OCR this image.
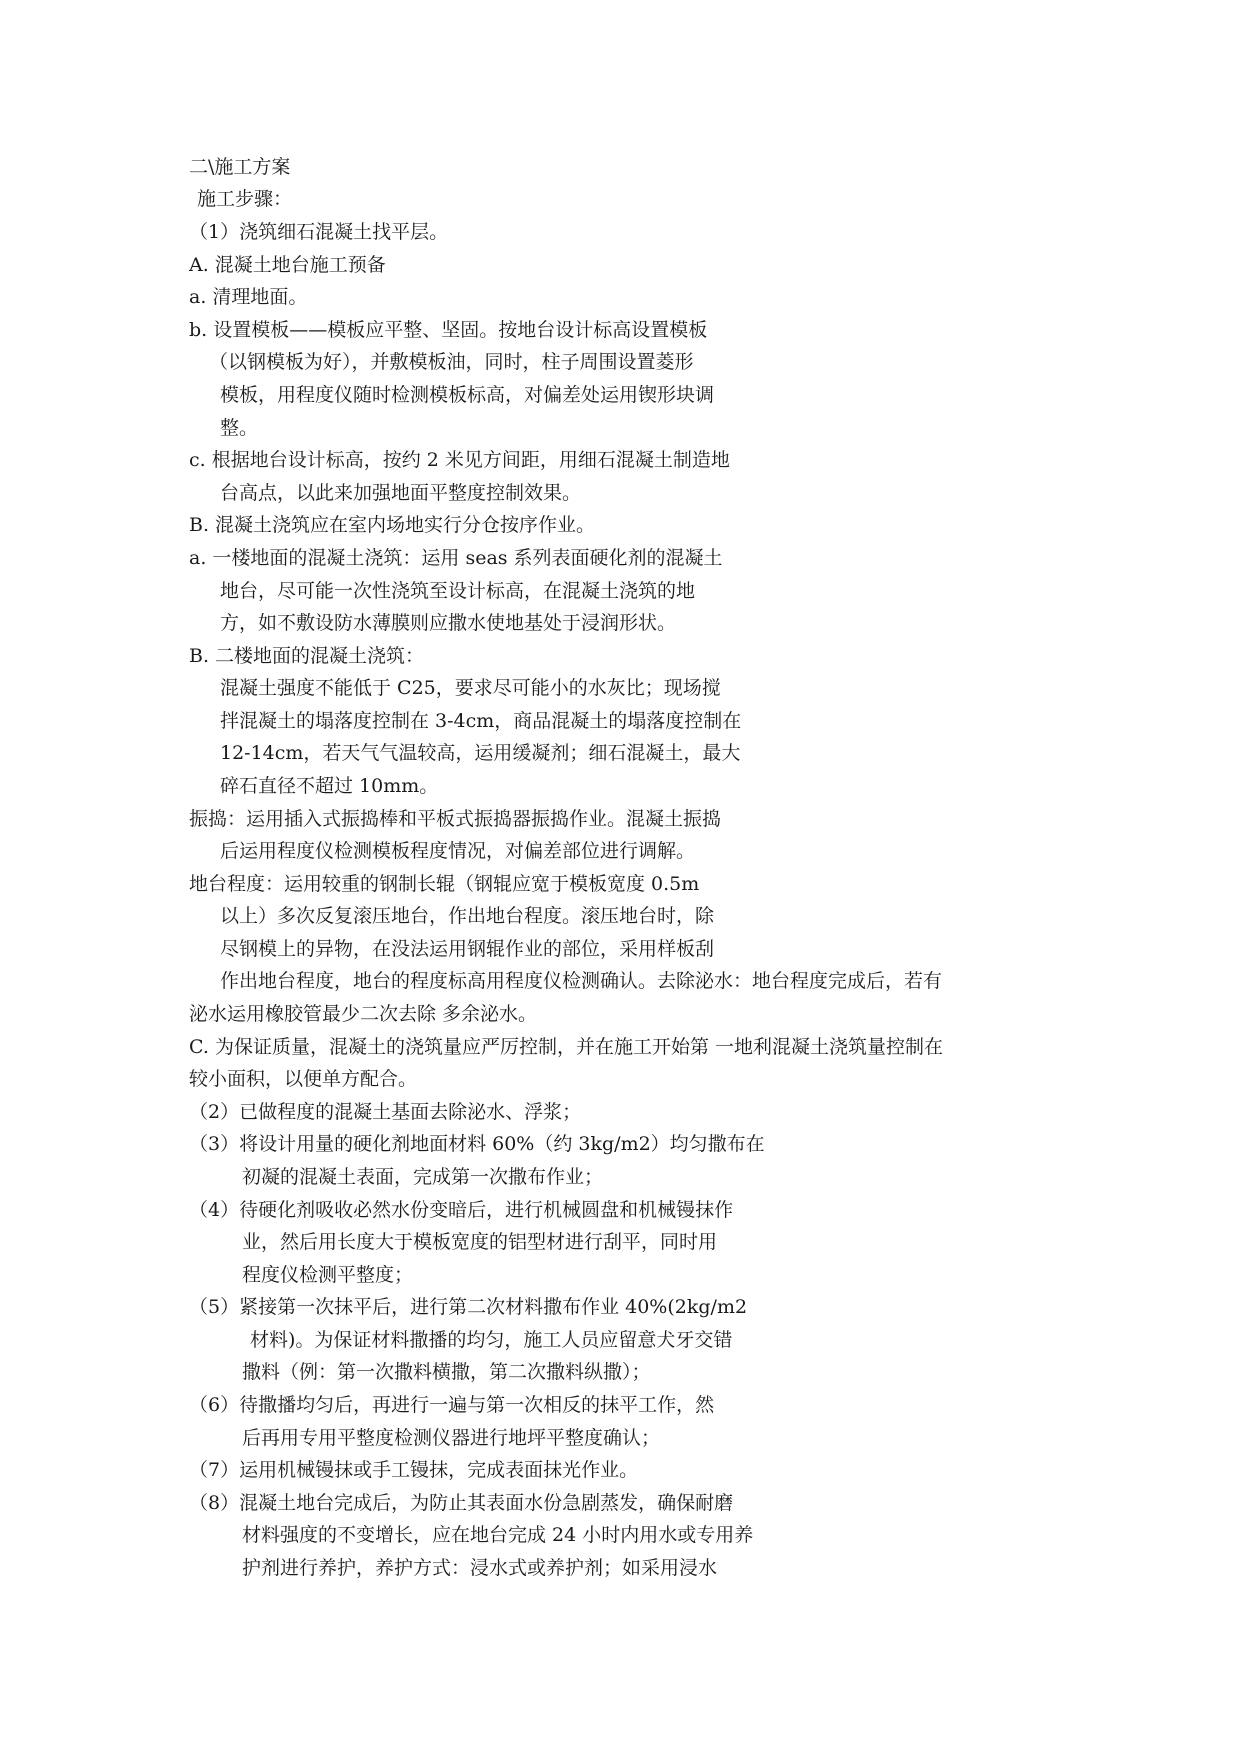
二\施工方案
施工步骤：
（1）浇筑细石混凝土找平层。
A. 混凝土地台施工预备
a. 清理地面。
b. 设置模板——模板应平整、坚固。按地台设计标高设置模板
（以钢模板为好），并敷模板油，同时，柱子周围设置菱形
模板，用程度仪随时检测模板标高，对偏差处运用锲形块调
整。
c. 根据地台设计标高，按约 2 米见方间距，用细石混凝土制造地
台高点，以此来加强地面平整度控制效果。
B. 混凝土浇筑应在室内场地实行分仓按序作业。
a. 一楼地面的混凝土浇筑：运用 seas 系列表面硬化剂的混凝土
地台，尽可能一次性浇筑至设计标高，在混凝土浇筑的地
方，如不敷设防水薄膜则应撒水使地基处于浸润形状。
B. 二楼地面的混凝土浇筑：
混凝土强度不能低于 C25，要求尽可能小的水灰比；现场搅
拌混凝土的塌落度控制在 3-4cm，商品混凝土的塌落度控制在
12-14cm，若天气气温较高，运用缓凝剂；细石混凝土，最大
碎石直径不超过 10mm。
振捣：运用插入式振捣棒和平板式振捣器振捣作业。混凝土振捣
后运用程度仪检测模板程度情况，对偏差部位进行调解。
地台程度：运用较重的钢制长辊（钢辊应宽于模板宽度 0.5m
以上）多次反复滚压地台，作出地台程度。滚压地台时，除
尽钢模上的异物，在没法运用钢辊作业的部位，采用样板刮
作出地台程度，地台的程度标高用程度仪检测确认。去除泌水：地台程度完成后，若有
泌水运用橡胶管最少二次去除 多余泌水。
C. 为保证质量，混凝土的浇筑量应严厉控制，并在施工开始第 一地利混凝土浇筑量控制在
较小面积，以便单方配合。
（2）已做程度的混凝土基面去除泌水、浮浆；
（3）将设计用量的硬化剂地面材料 60%（约 3kg/m2）均匀撒布在
初凝的混凝土表面，完成第一次撒布作业；
（4）待硬化剂吸收必然水份变暗后，进行机械圆盘和机械镘抹作
业，然后用长度大于模板宽度的铝型材进行刮平，同时用
程度仪检测平整度；
（5）紧接第一次抹平后，进行第二次材料撒布作业 40%(2kg/m2
材料)。为保证材料撒播的均匀，施工人员应留意犬牙交错
撒料（例：第一次撒料横撒，第二次撒料纵撒）；
（6）待撒播均匀后，再进行一遍与第一次相反的抹平工作，然
后再用专用平整度检测仪器进行地坪平整度确认；
（7）运用机械镘抹或手工镘抹，完成表面抹光作业。
（8）混凝土地台完成后，为防止其表面水份急剧蒸发，确保耐磨
材料强度的不变增长，应在地台完成 24 小时内用水或专用养
护剂进行养护，养护方式：浸水式或养护剂；如采用浸水
